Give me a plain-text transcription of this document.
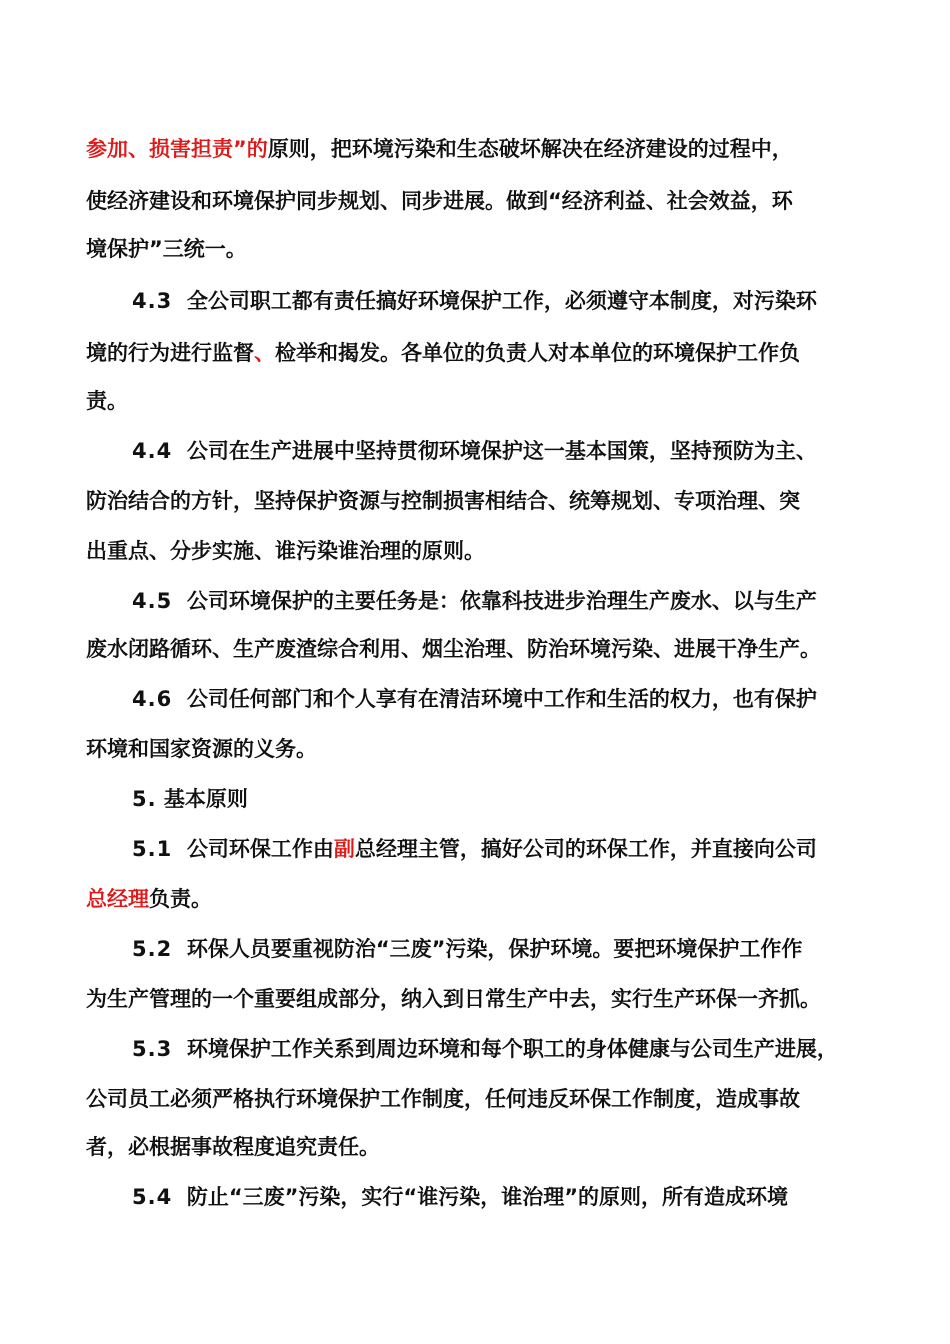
参加、损害担责”的原则，把环境污染和生态破坏解决在经济建设的过程中，
使经济建设和环境保护同步规划、同步进展。做到“经济利益、社会效益，环
境保护”三统一。
4.3  全公司职工都有责任搞好环境保护工作，必须遵守本制度，对污染环
境的行为进行监督、检举和揭发。各单位的负责人对本单位的环境保护工作负
责。
4.4  公司在生产进展中坚持贯彻环境保护这一基本国策，坚持预防为主、
防治结合的方针，坚持保护资源与控制损害相结合、统筹规划、专项治理、突
出重点、分步实施、谁污染谁治理的原则。
4.5  公司环境保护的主要任务是：依靠科技进步治理生产废水、以与生产
废水闭路循环、生产废渣综合利用、烟尘治理、防治环境污染、进展干净生产。
4.6  公司任何部门和个人享有在清洁环境中工作和生活的权力，也有保护
环境和国家资源的义务。
5. 基本原则
5.1  公司环保工作由副总经理主管，搞好公司的环保工作，并直接向公司
总经理负责。
5.2  环保人员要重视防治“三废”污染，保护环境。要把环境保护工作作
为生产管理的一个重要组成部分，纳入到日常生产中去，实行生产环保一齐抓。
5.3  环境保护工作关系到周边环境和每个职工的身体健康与公司生产进展，
公司员工必须严格执行环境保护工作制度，任何违反环保工作制度，造成事故
者，必根据事故程度追究责任。
5.4  防止“三废”污染，实行“谁污染，谁治理”的原则，所有造成环境
